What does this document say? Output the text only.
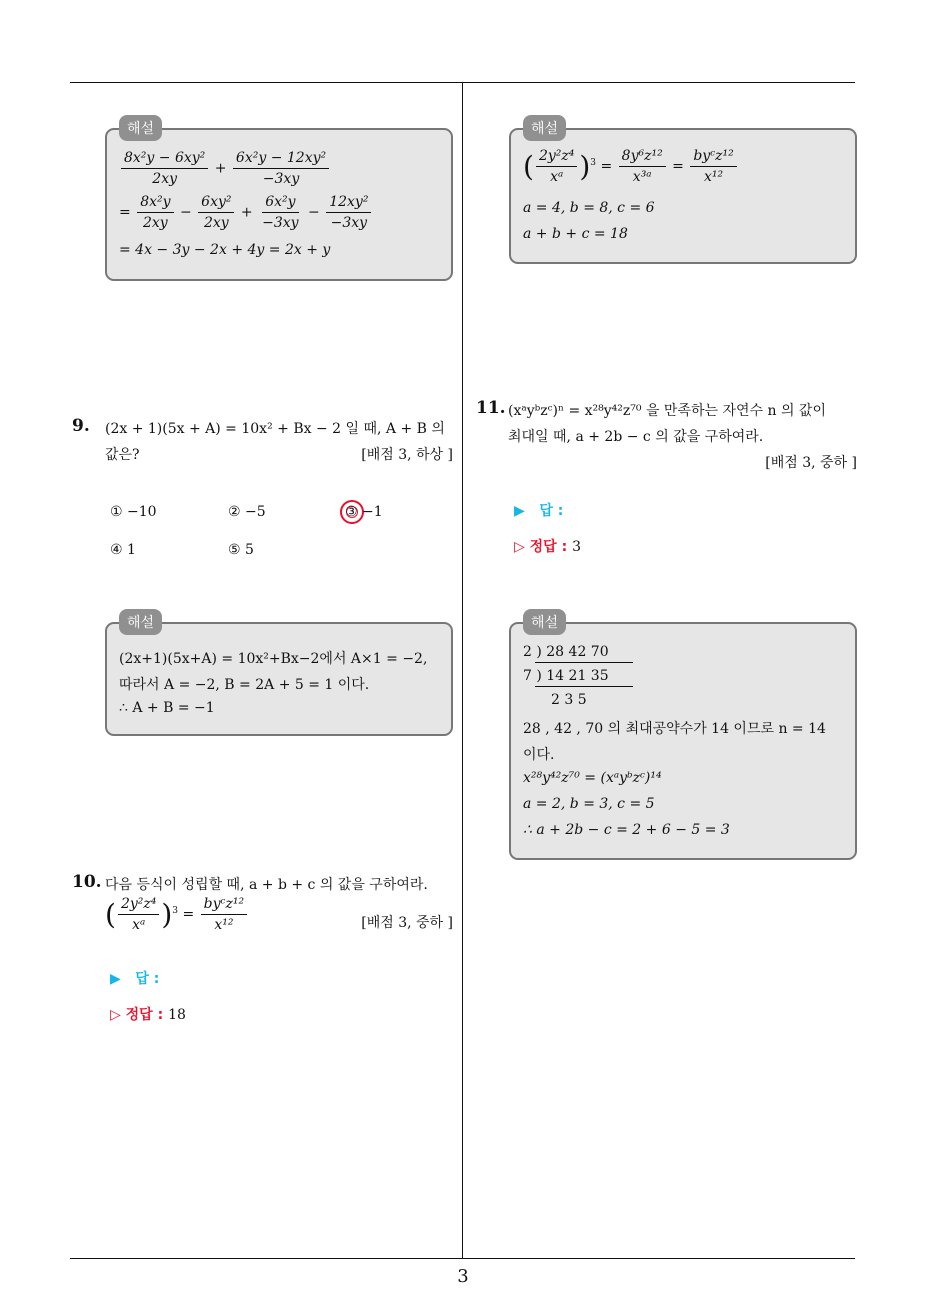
해설
$\frac{\text{8x²y − 6xy²}}{2xy} + \frac{\text{6x²y − 12xy²}}{-3xy}$
= $\frac{\text{8x²y}}{2xy} - \frac{\text{6xy²}}{2xy} + \frac{\text{6x²y}}{-3xy} - \frac{\text{12xy²}}{-3xy}$
= 4x − 3y − 2x + 4y = 2x + y
9. (2x + 1)(5x + A) = 10x² + Bx − 2 일 때, A + B 의
값은?	[배점 3, 하상 ]
① −10	② −5	③ −1
④ 1	⑤ 5
해설
(2x+1)(5x+A) = 10x²+Bx−2에서 A×1 = −2,
따라서 A = −2, B = 2A + 5 = 1 이다.
∴ A + B = −1
10. 다음 등식이 성립할 때, a + b + c 의 값을 구하여라.
( $\frac{\text{2y²z⁴}}{\text{xᵃ}} )^3 = \frac{\text{byᶜz¹²}}{\text{x¹²}}$	[배점 3, 중하 ]
▶ 답 :
▷ 정답 : 18
해설
( $\frac{\text{2y²z⁴}}{\text{xᵃ}} )^3 = \frac{\text{8y⁶z¹²}}{\text{x³ᵃ}} = \frac{\text{byᶜz¹²}}{\text{x¹²}}$
a = 4, b = 8, c = 6
a + b + c = 18
11. (xᵃyᵇzᶜ)ⁿ = x²⁸y⁴²z⁷⁰ 을 만족하는 자연수 n 의 값이
최대일 때, a + 2b − c 의 값을 구하여라.
[배점 3, 중하 ]
▶ 답 :
▷ 정답 : 3
해설
2 ) 28 42 70
7 ) 14 21 35
2 3 5
28 , 42 , 70 의 최대공약수가 14 이므로 n = 14
이다.
x²⁸y⁴²z⁷⁰ = (xᵃyᵇzᶜ)¹⁴
a = 2, b = 3, c = 5
∴ a + 2b − c = 2 + 6 − 5 = 3
3
